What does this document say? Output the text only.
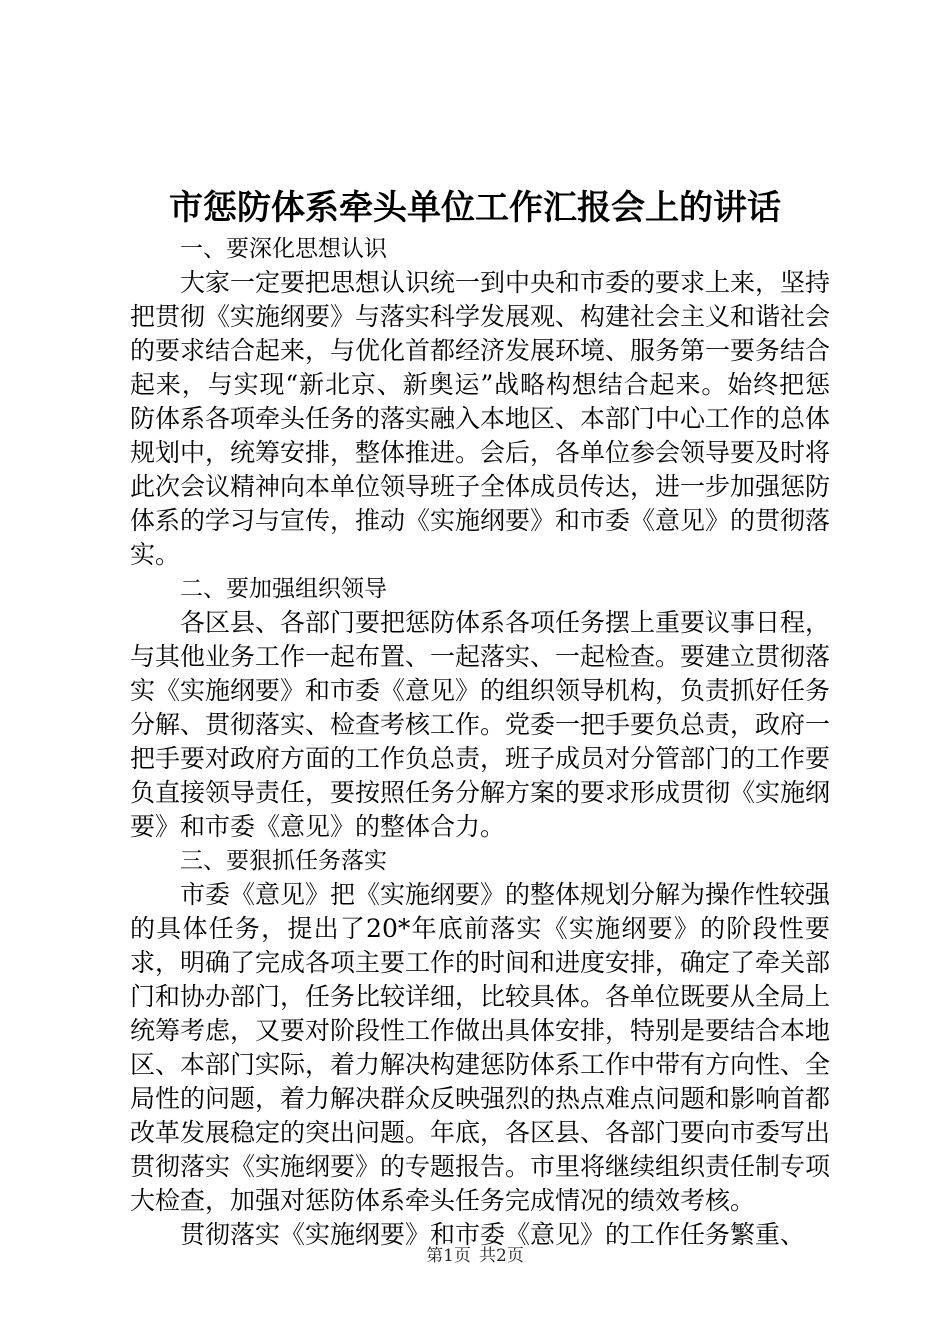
市惩防体系牵头单位工作汇报会上的讲话

一、要深化思想认识

大家一定要把思想认识统一到中央和市委的要求上来，坚持把贯彻《实施纲要》与落实科学发展观、构建社会主义和谐社会的要求结合起来，与优化首都经济发展环境、服务第一要务结合起来，与实现“新北京、新奥运”战略构想结合起来。始终把惩防体系各项牵头任务的落实融入本地区、本部门中心工作的总体规划中，统筹安排，整体推进。会后，各单位参会领导要及时将此次会议精神向本单位领导班子全体成员传达，进一步加强惩防体系的学习与宣传，推动《实施纲要》和市委《意见》的贯彻落实。

二、要加强组织领导

各区县、各部门要把惩防体系各项任务摆上重要议事日程，与其他业务工作一起布置、一起落实、一起检查。要建立贯彻落实《实施纲要》和市委《意见》的组织领导机构，负责抓好任务分解、贯彻落实、检查考核工作。党委一把手要负总责，政府一把手要对政府方面的工作负总责，班子成员对分管部门的工作要负直接领导责任，要按照任务分解方案的要求形成贯彻《实施纲要》和市委《意见》的整体合力。

三、要狠抓任务落实

市委《意见》把《实施纲要》的整体规划分解为操作性较强的具体任务，提出了20*年底前落实《实施纲要》的阶段性要求，明确了完成各项主要工作的时间和进度安排，确定了牵关部门和协办部门，任务比较详细，比较具体。各单位既要从全局上统筹考虑，又要对阶段性工作做出具体安排，特别是要结合本地区、本部门实际，着力解决构建惩防体系工作中带有方向性、全局性的问题，着力解决群众反映强烈的热点难点问题和影响首都改革发展稳定的突出问题。年底，各区县、各部门要向市委写出贯彻落实《实施纲要》的专题报告。市里将继续组织责任制专项大检查，加强对惩防体系牵头任务完成情况的绩效考核。

贯彻落实《实施纲要》和市委《意见》的工作任务繁重、

第1页 共2页
